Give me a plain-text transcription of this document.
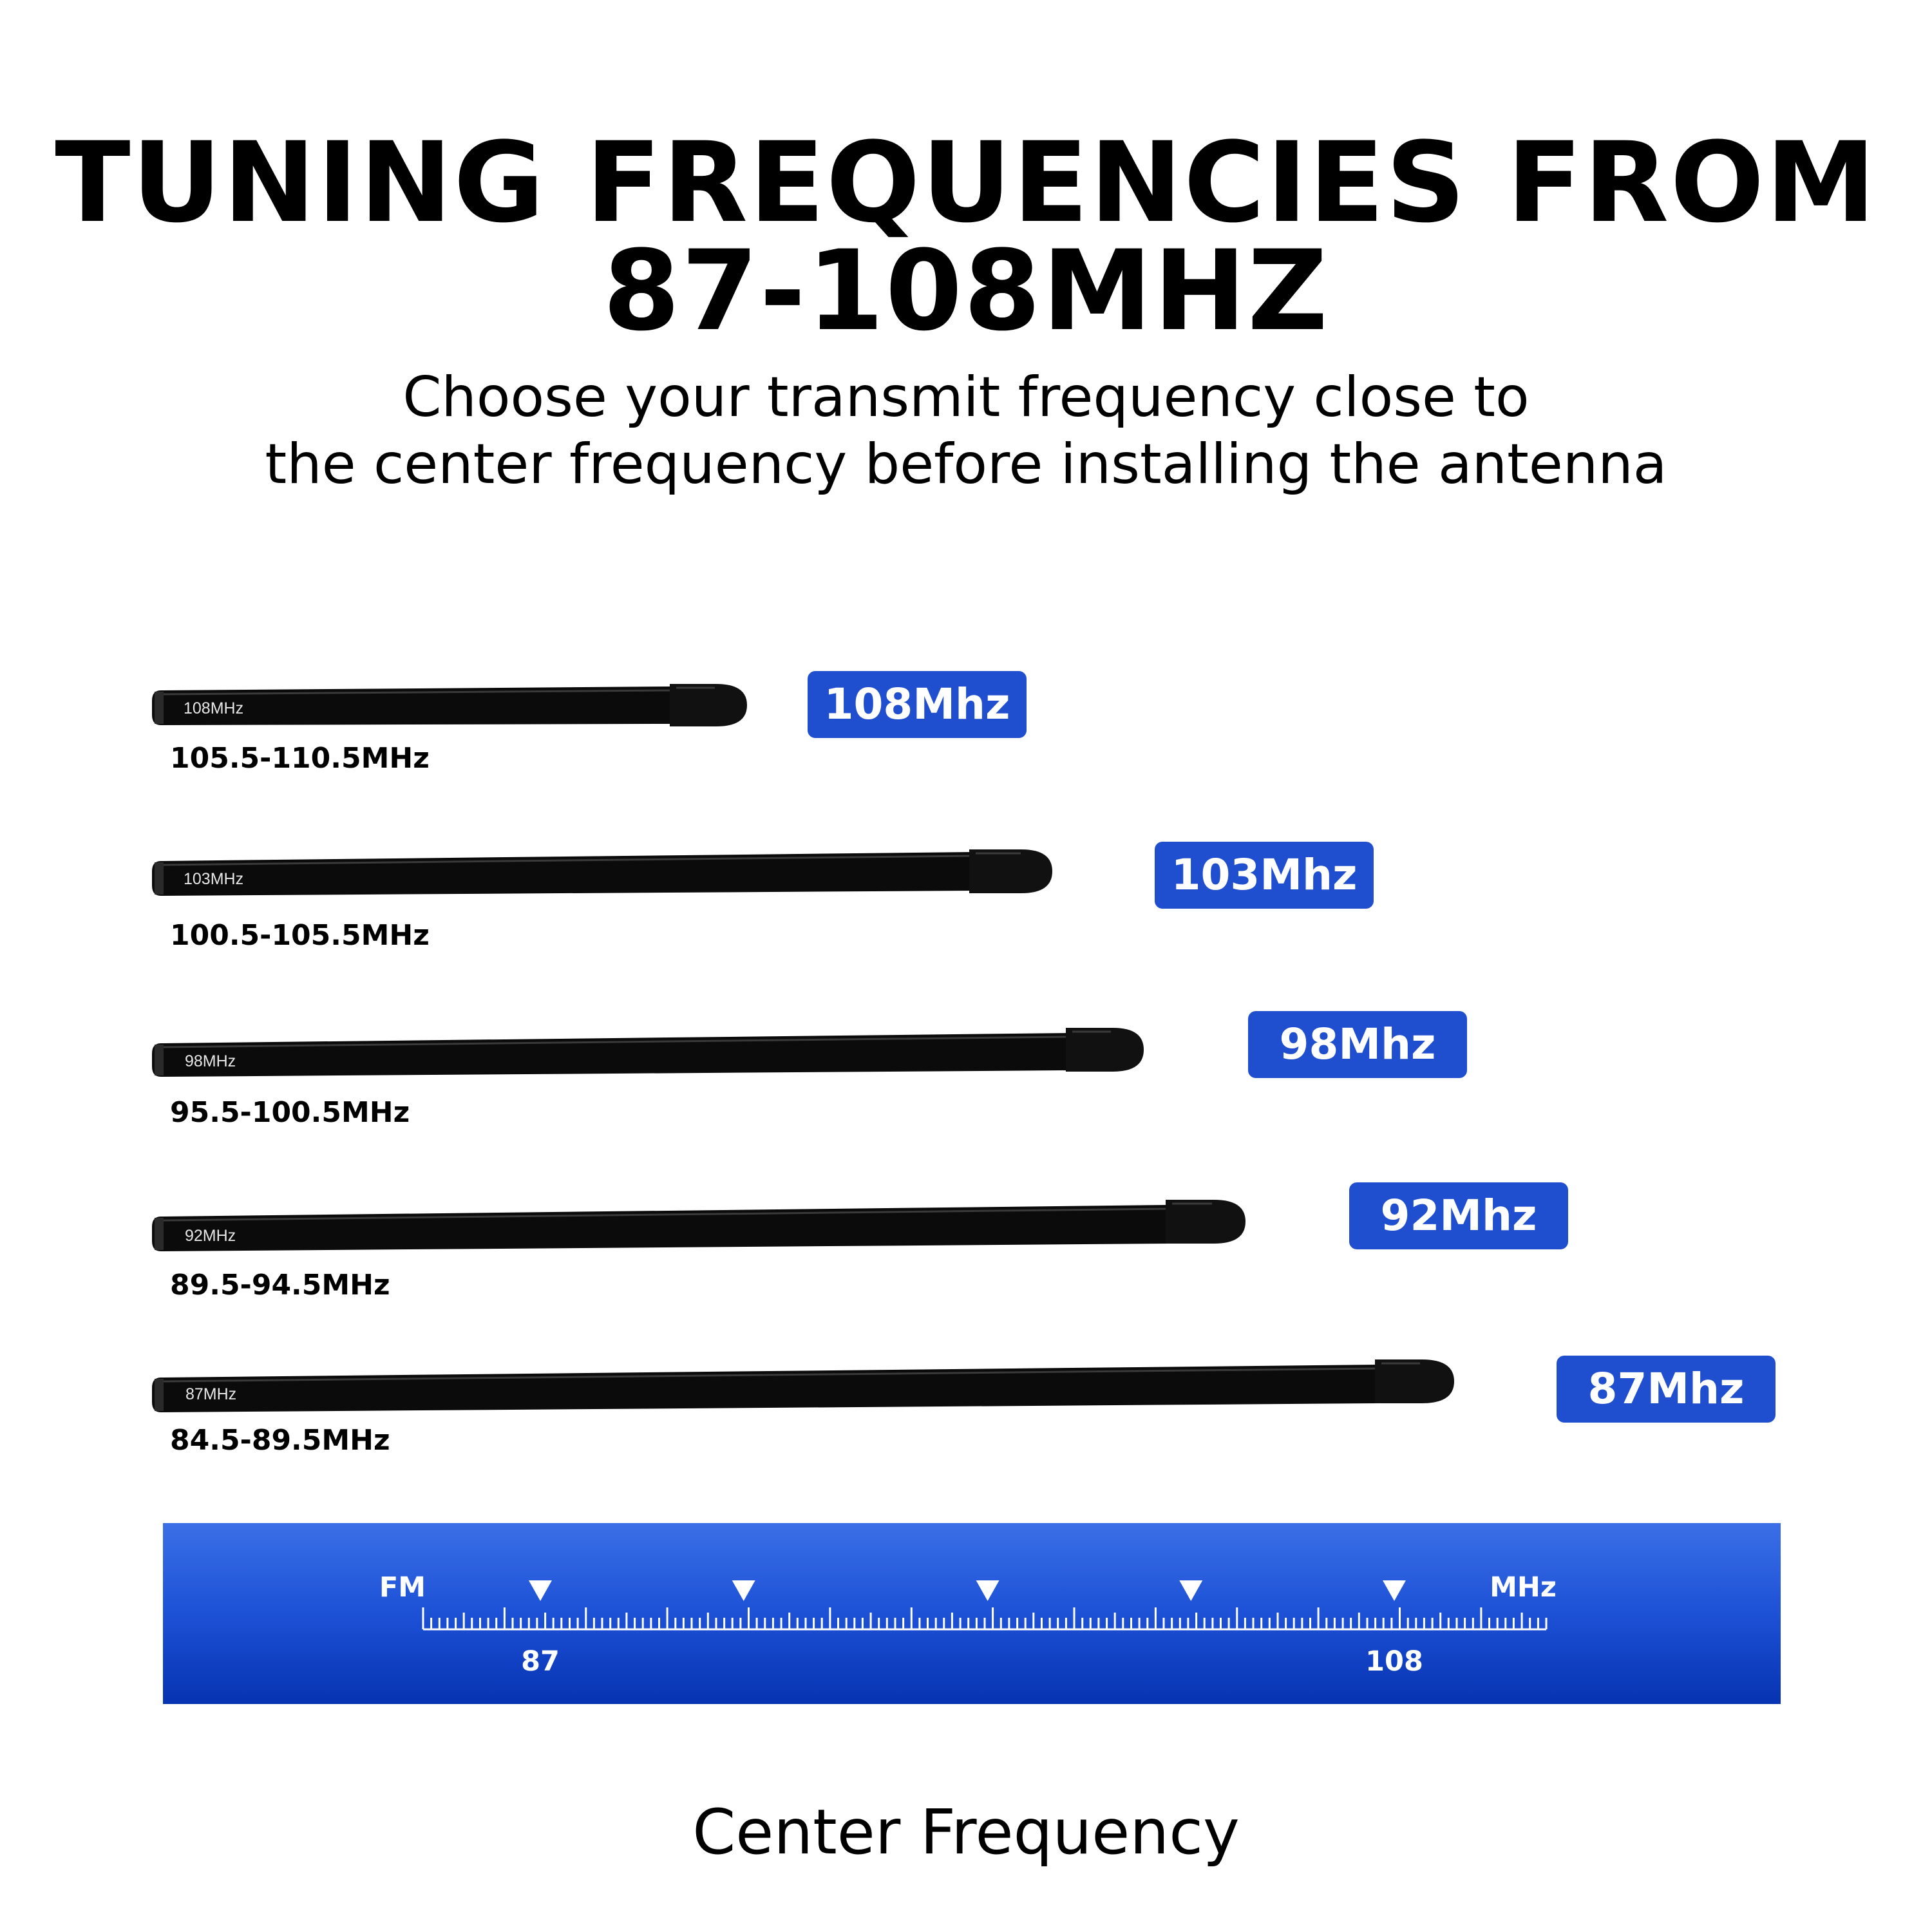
TUNING FREQUENCIES FROM
87-108MHZ

Choose your transmit frequency close to
the center frequency before installing the antenna

108MHz
105.5-110.5MHz
108Mhz
103MHz
100.5-105.5MHz
103Mhz
98MHz
95.5-100.5MHz
98Mhz
92MHz
89.5-94.5MHz
92Mhz
87MHz
84.5-89.5MHz
87Mhz
FM	MHz
87	108
Center Frequency
